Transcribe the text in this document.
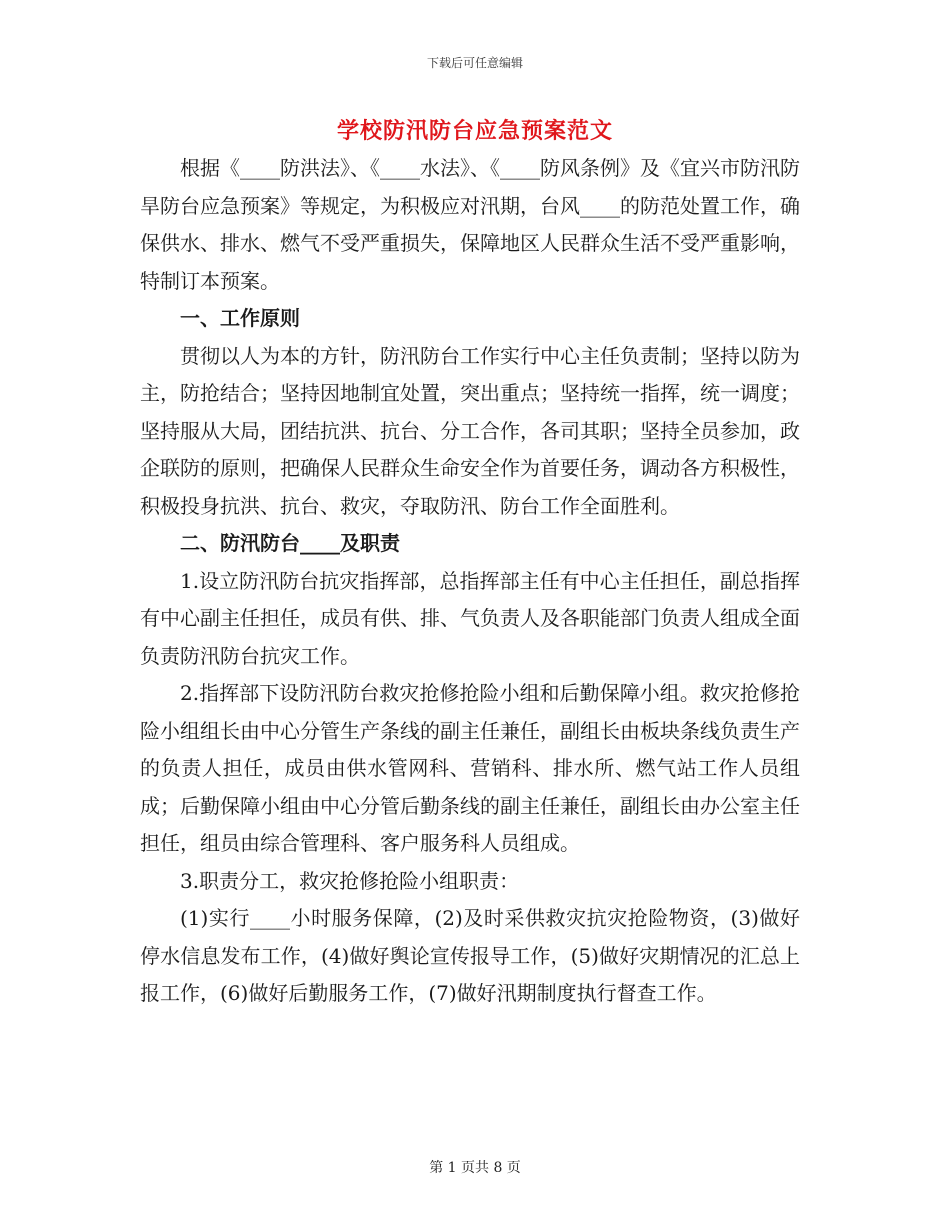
下载后可任意编辑
学校防汛防台应急预案范文

根据《____防洪法》、《____水法》、《____防风条例》及《宜兴市防汛防旱防台应急预案》等规定，为积极应对汛期，台风____的防范处置工作，确保供水、排水、燃气不受严重损失，保障地区人民群众生活不受严重影响，特制订本预案。

一、工作原则

贯彻以人为本的方针，防汛防台工作实行中心主任负责制；坚持以防为主，防抢结合；坚持因地制宜处置，突出重点；坚持统一指挥，统一调度；坚持服从大局，团结抗洪、抗台、分工合作，各司其职；坚持全员参加，政企联防的原则，把确保人民群众生命安全作为首要任务，调动各方积极性，积极投身抗洪、抗台、救灾，夺取防汛、防台工作全面胜利。

二、防汛防台____及职责

1.设立防汛防台抗灾指挥部，总指挥部主任有中心主任担任，副总指挥有中心副主任担任，成员有供、排、气负责人及各职能部门负责人组成全面负责防汛防台抗灾工作。

2.指挥部下设防汛防台救灾抢修抢险小组和后勤保障小组。救灾抢修抢险小组组长由中心分管生产条线的副主任兼任，副组长由板块条线负责生产的负责人担任，成员由供水管网科、营销科、排水所、燃气站工作人员组成；后勤保障小组由中心分管后勤条线的副主任兼任，副组长由办公室主任担任，组员由综合管理科、客户服务科人员组成。

3.职责分工，救灾抢修抢险小组职责：

(1)实行____小时服务保障，(2)及时采供救灾抗灾抢险物资，(3)做好停水信息发布工作，(4)做好舆论宣传报导工作，(5)做好灾期情况的汇总上报工作，(6)做好后勤服务工作，(7)做好汛期制度执行督查工作。

第 1 页共 8 页
